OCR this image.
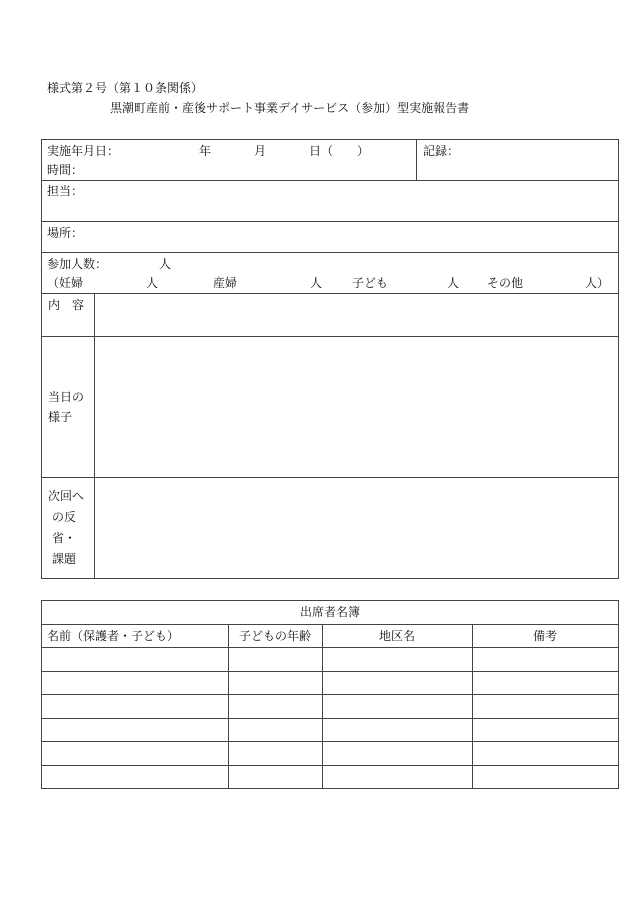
様式第２号（第１０条関係）
黒潮町産前・産後サポート事業デイサービス（参加）型実施報告書
実施年月日：	年	月	日（　　）
時間：
記録：
担当：
場所：
参加人数：	人
（妊婦	人	産婦	人 子ども	人 その他	人）
内　容
当日の
様子
次回へ
の反
省・
課題
出席者名簿
名前（保護者・子ども）	子どもの年齢	地区名	備考
